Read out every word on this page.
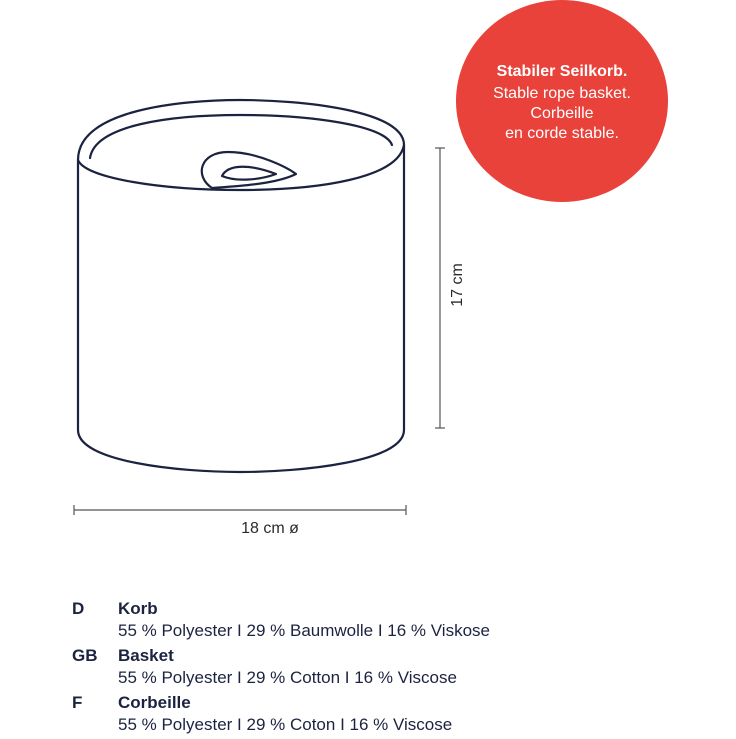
Stabiler Seilkorb.
Stable rope basket.
Corbeille
en corde stable.
18 cm ø
17 cm
D	Korb
55 % Polyester I 29 % Baumwolle I 16 % Viskose
GB	Basket
55 % Polyester I 29 % Cotton I 16 % Viscose
F	Corbeille
55 % Polyester I 29 % Coton I 16 % Viscose
